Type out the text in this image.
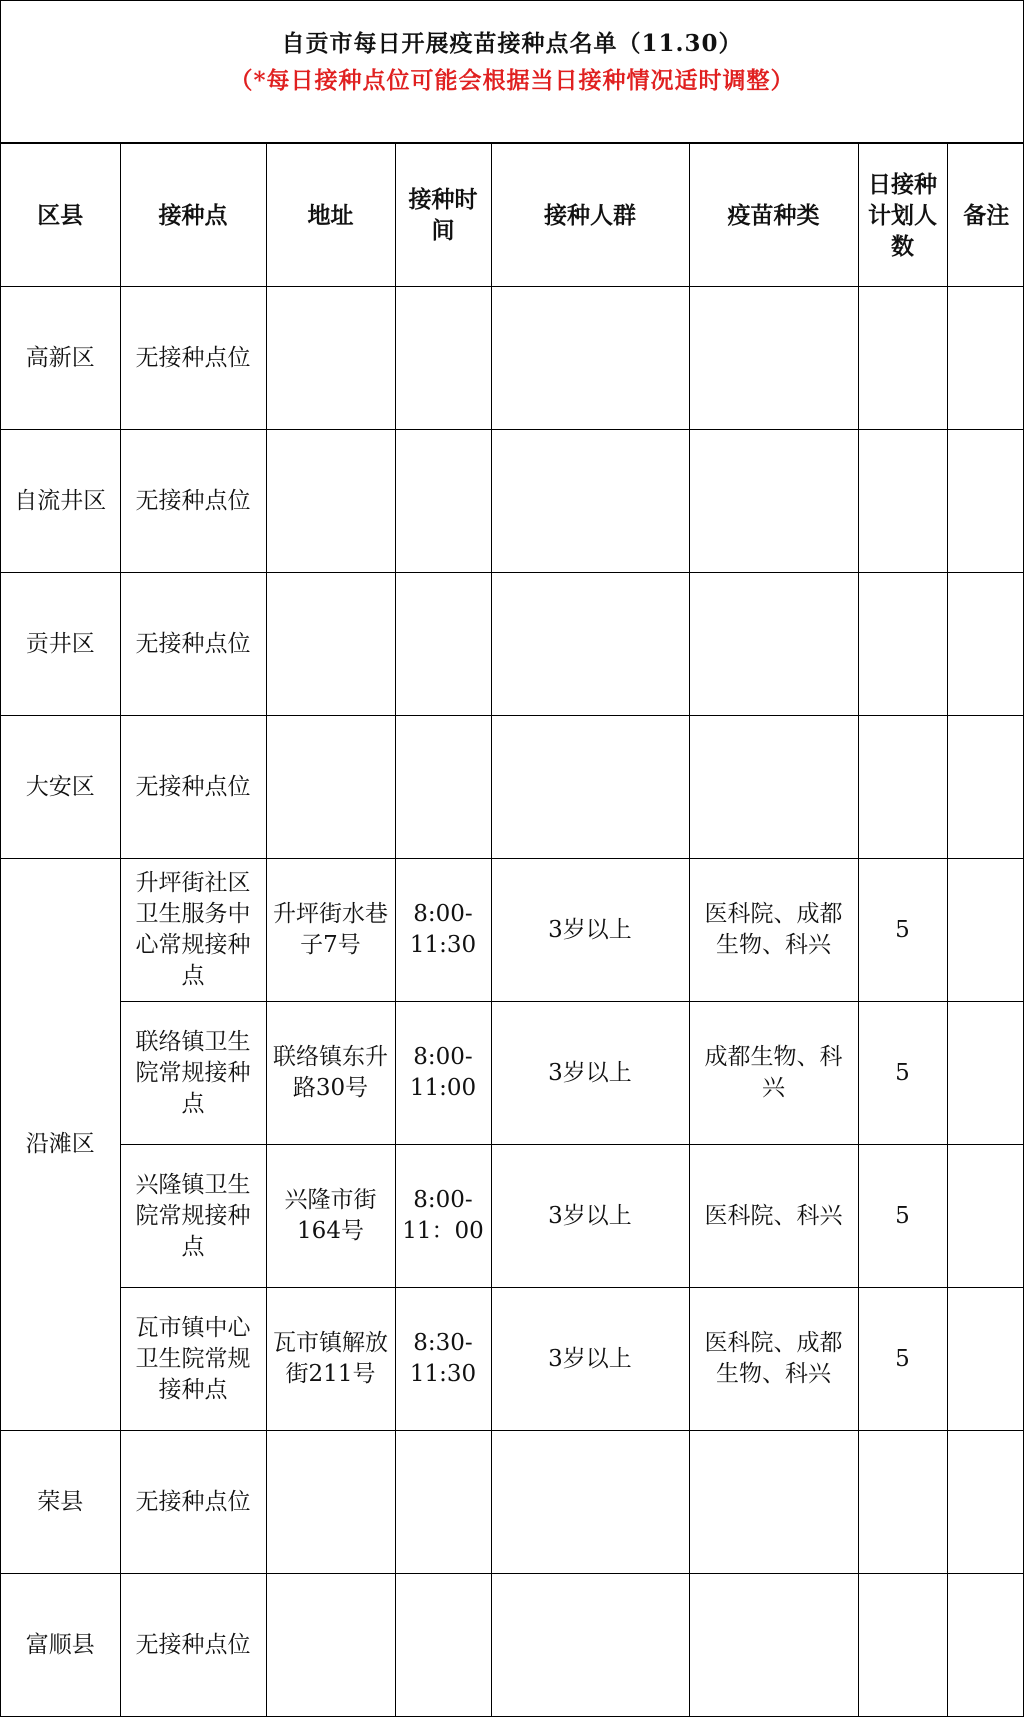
自贡市每日开展疫苗接种点名单（11.30）
（*每日接种点位可能会根据当日接种情况适时调整）
区县	接种点	地址	接种时间	接种人群	疫苗种类	日接种计划人数	备注
高新区	无接种点位						
自流井区	无接种点位						
贡井区	无接种点位						
大安区	无接种点位						
沿滩区	升坪街社区卫生服务中心常规接种点	升坪街水巷子7号	8:00-11:30	3岁以上	医科院、成都生物、科兴	5	
	联络镇卫生院常规接种点	联络镇东升路30号	8:00-11:00	3岁以上	成都生物、科兴	5	
	兴隆镇卫生院常规接种点	兴隆市街164号	8:00-11：00	3岁以上	医科院、科兴	5	
	瓦市镇中心卫生院常规接种点	瓦市镇解放街211号	8:30-11:30	3岁以上	医科院、成都生物、科兴	5	
荣县	无接种点位						
富顺县	无接种点位						
